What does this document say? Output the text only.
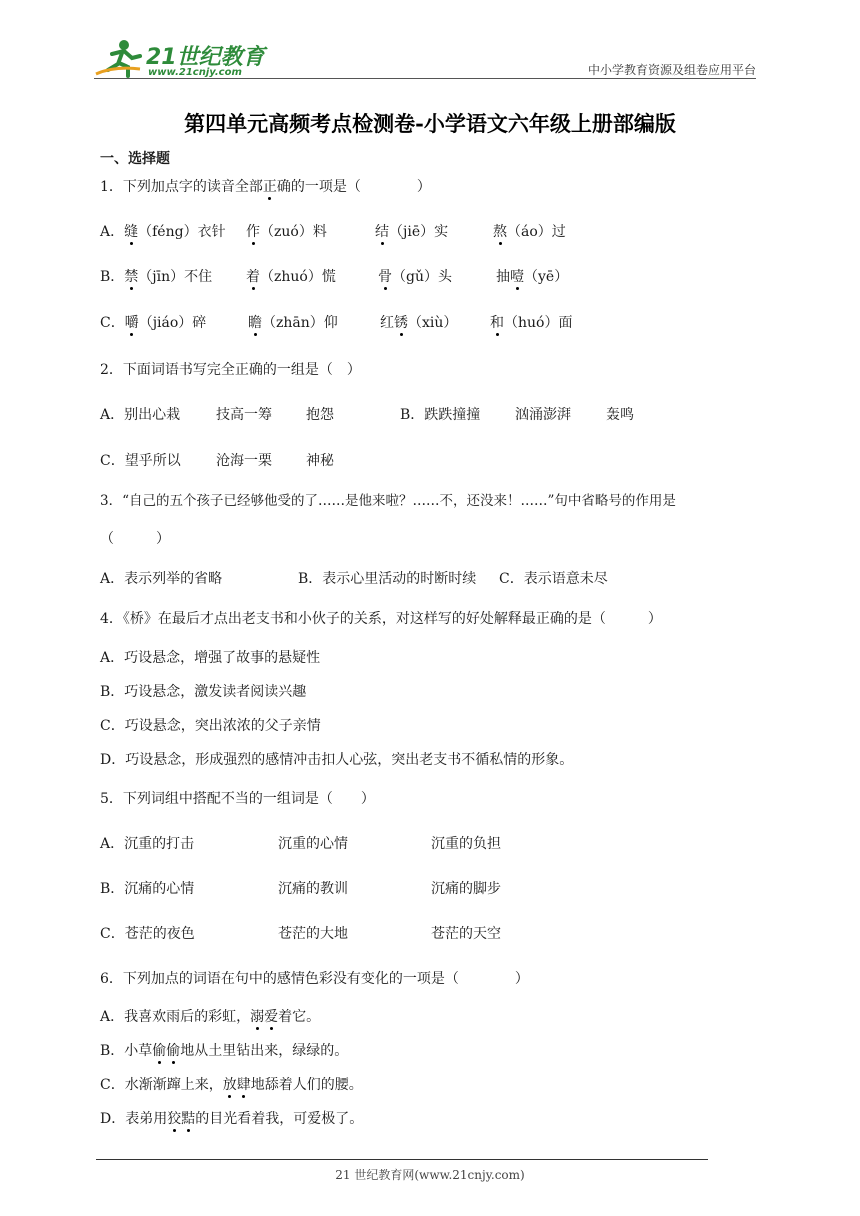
21世纪教育
www.21cnjy.com	中小学教育资源及组卷应用平台
第四单元高频考点检测卷-小学语文六年级上册部编版
一、选择题
1．下列加点字的读音全部正确的一项是（　　　　）
A．缝（féng）衣针 作（zuó）料	结（jiē）实	熬（áo）过
B．禁（jīn）不住 着（zhuó）慌	骨（gǔ）头	抽噎（yē）
C．嚼（jiáo）碎	瞻（zhān）仰	红锈（xiù） 和（huó）面
2．下面词语书写完全正确的一组是（　）
A．别出心栽	技高一筹 抱怨	B．跌跌撞撞 汹涌澎湃	轰鸣
C．望乎所以	沧海一栗 神秘
3．“自己的五个孩子已经够他受的了……是他来啦？……不，还没来！……”句中省略号的作用是
（　　　）
A．表示列举的省略	B．表示心里活动的时断时续 C．表示语意未尽
4．《桥》在最后才点出老支书和小伙子的关系，对这样写的好处解释最正确的是（　　　）
A．巧设悬念，增强了故事的悬疑性
B．巧设悬念，激发读者阅读兴趣
C．巧设悬念，突出浓浓的父子亲情
D．巧设悬念，形成强烈的感情冲击扣人心弦，突出老支书不循私情的形象。
5．下列词组中搭配不当的一组词是（　　）
A．沉重的打击	沉重的心情	沉重的负担
B．沉痛的心情	沉痛的教训	沉痛的脚步
C．苍茫的夜色	苍茫的大地	苍茫的天空
6．下列加点的词语在句中的感情色彩没有变化的一项是（　　　　）
A．我喜欢雨后的彩虹，溺爱着它。
B．小草偷偷地从土里钻出来，绿绿的。
C．水渐渐蹿上来，放肆地舔着人们的腰。
D．表弟用狡黠的目光看着我，可爱极了。
21 世纪教育网(www.21cnjy.com)
